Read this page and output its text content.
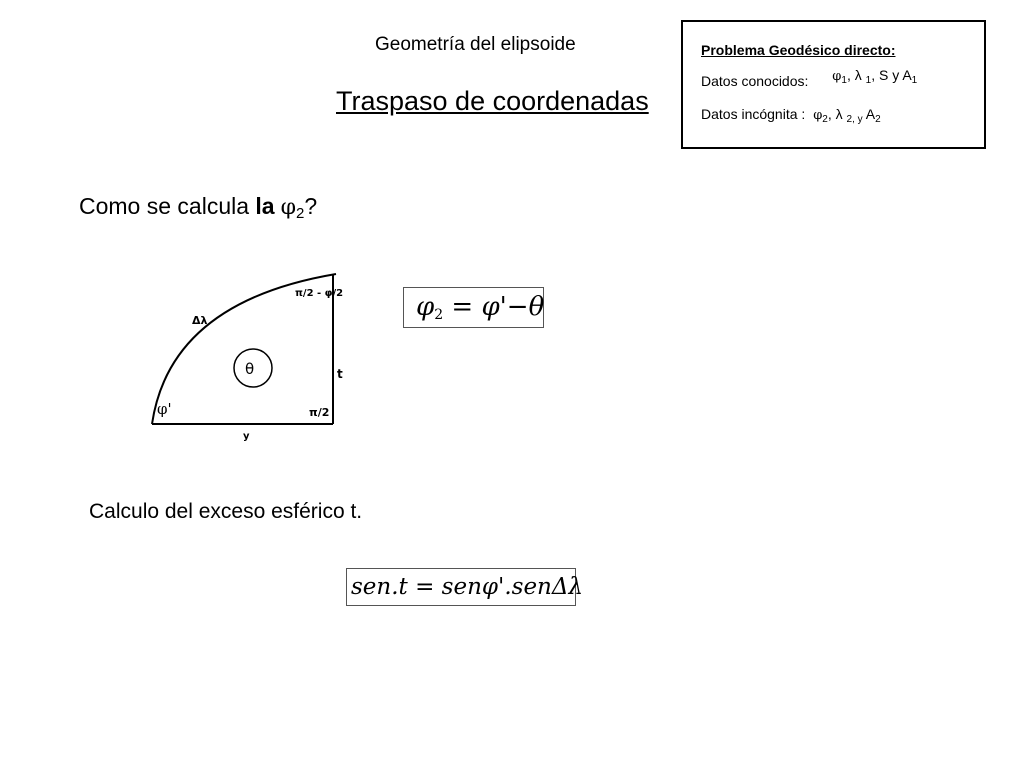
Geometría del elipsoide
Traspaso de coordenadas
Problema Geodésico directo:
Datos conocidos: $\varphi_1$, λ $_1$, S y $A_1$
Datos incógnita : $\varphi_2$, λ $_{2, y}$ $A_2$
Como se calcula la φ2?
θ
Δλ
φ'
π/2 - φ/2
π/2
t
y
φ2 = φ'−θ
Calculo del exceso esférico t.
sen.t = senφ'.senΔλ
